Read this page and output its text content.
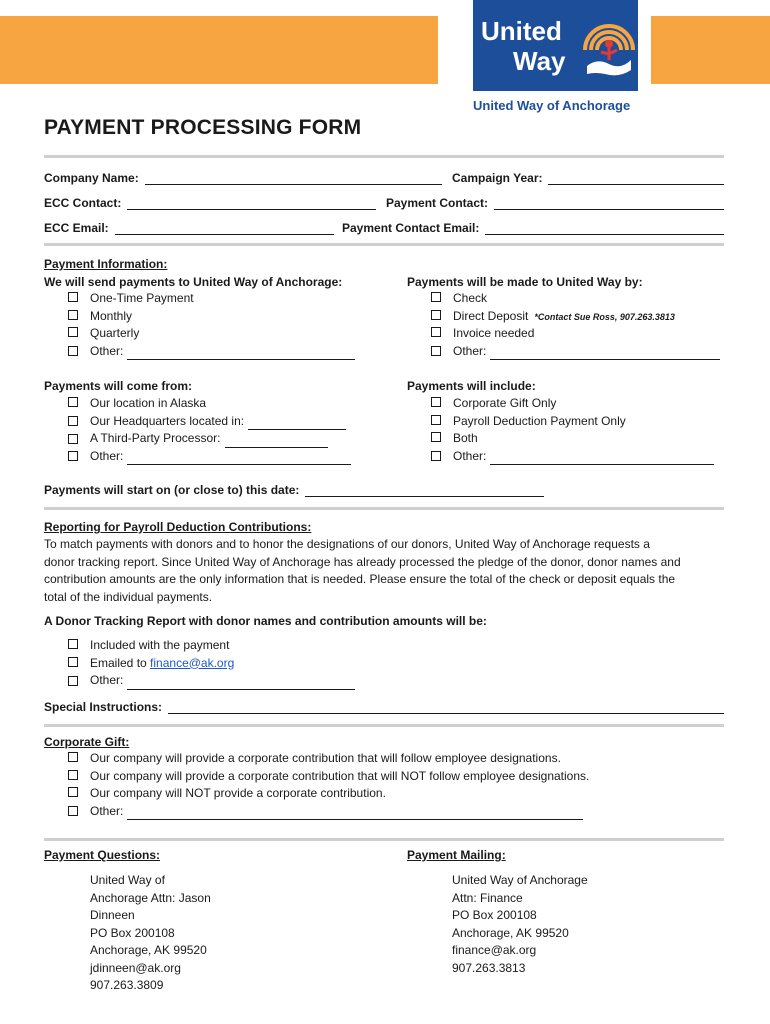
United
Way
United Way of Anchorage
PAYMENT PROCESSING FORM
Company Name:	Campaign Year:
ECC Contact:	Payment Contact:
ECC Email:	Payment Contact Email:
Payment Information:
We will send payments to United Way of Anchorage:
One-Time Payment
Monthly
Quarterly
Other:
Payments will be made to United Way by:
Check
Direct Deposit *Contact Sue Ross, 907.263.3813
Invoice needed
Other:
Payments will come from:
Our location in Alaska
Our Headquarters located in:
A Third-Party Processor:
Other:
Payments will include:
Corporate Gift Only
Payroll Deduction Payment Only
Both
Other:
Payments will start on (or close to) this date:
Reporting for Payroll Deduction Contributions:
To match payments with donors and to honor the designations of our donors, United Way of Anchorage requests a
donor tracking report. Since United Way of Anchorage has already processed the pledge of the donor, donor names and
contribution amounts are the only information that is needed. Please ensure the total of the check or deposit equals the
total of the individual payments.
A Donor Tracking Report with donor names and contribution amounts will be:
Included with the payment
Emailed to finance@ak.org
Other:
Special Instructions:
Corporate Gift:
Our company will provide a corporate contribution that will follow employee designations.
Our company will provide a corporate contribution that will NOT follow employee designations.
Our company will NOT provide a corporate contribution.
Other:
Payment Questions:
United Way of
Anchorage Attn: Jason
Dinneen
PO Box 200108
Anchorage, AK 99520
jdinneen@ak.org
907.263.3809
Payment Mailing:
United Way of Anchorage
Attn: Finance
PO Box 200108
Anchorage, AK 99520
finance@ak.org
907.263.3813
